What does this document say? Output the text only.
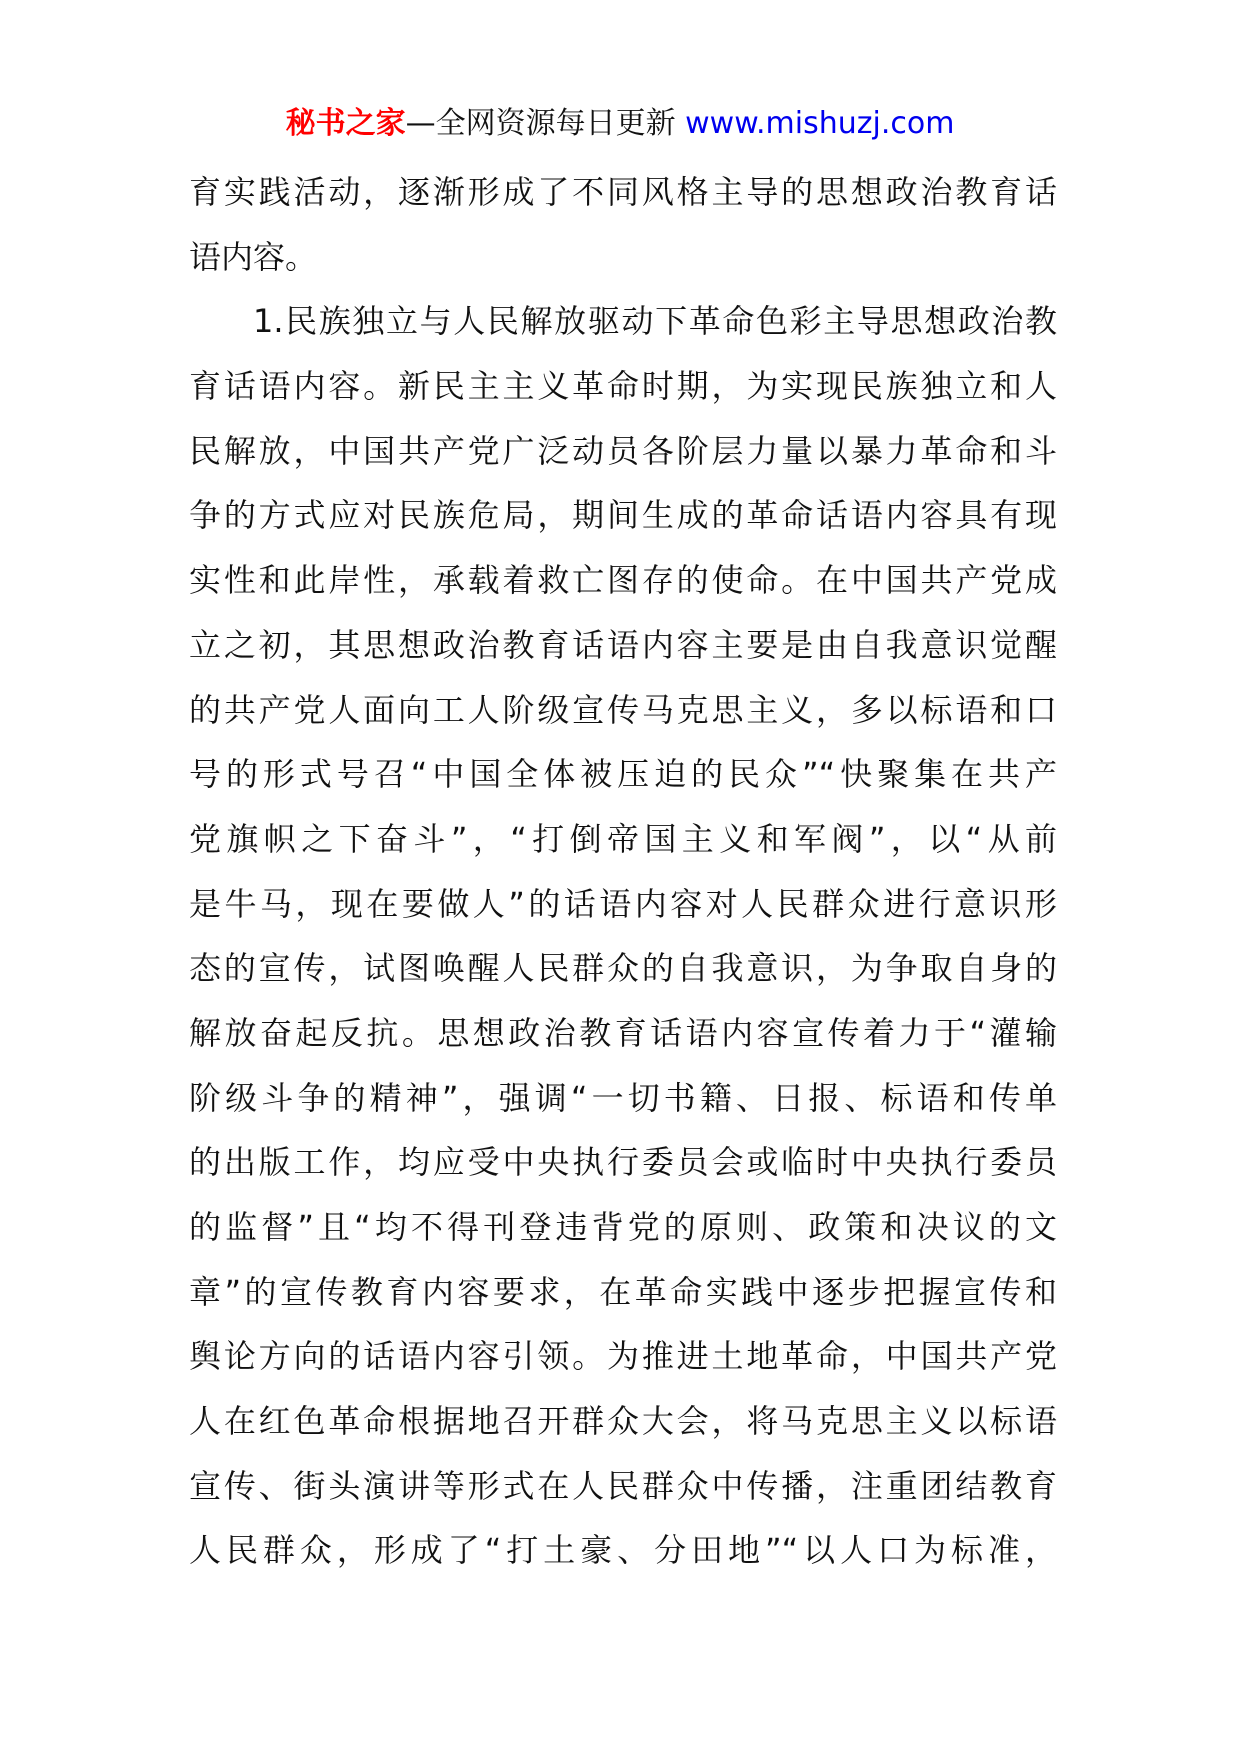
秘书之家—全网资源每日更新 www.mishuzj.com
育实践活动，逐渐形成了不同风格主导的思想政治教育话
语内容。
1.民族独立与人民解放驱动下革命色彩主导思想政治教
育话语内容。新民主主义革命时期，为实现民族独立和人
民解放，中国共产党广泛动员各阶层力量以暴力革命和斗
争的方式应对民族危局，期间生成的革命话语内容具有现
实性和此岸性，承载着救亡图存的使命。在中国共产党成
立之初，其思想政治教育话语内容主要是由自我意识觉醒
的共产党人面向工人阶级宣传马克思主义，多以标语和口
号的形式号召“中国全体被压迫的民众”“快聚集在共产
党旗帜之下奋斗”，“打倒帝国主义和军阀”，以“从前
是牛马，现在要做人”的话语内容对人民群众进行意识形
态的宣传，试图唤醒人民群众的自我意识，为争取自身的
解放奋起反抗。思想政治教育话语内容宣传着力于“灌输
阶级斗争的精神”，强调“一切书籍、日报、标语和传单
的出版工作，均应受中央执行委员会或临时中央执行委员
的监督”且“均不得刊登违背党的原则、政策和决议的文
章”的宣传教育内容要求，在革命实践中逐步把握宣传和
舆论方向的话语内容引领。为推进土地革命，中国共产党
人在红色革命根据地召开群众大会，将马克思主义以标语
宣传、街头演讲等形式在人民群众中传播，注重团结教育
人民群众，形成了“打土豪、分田地”“以人口为标准，
